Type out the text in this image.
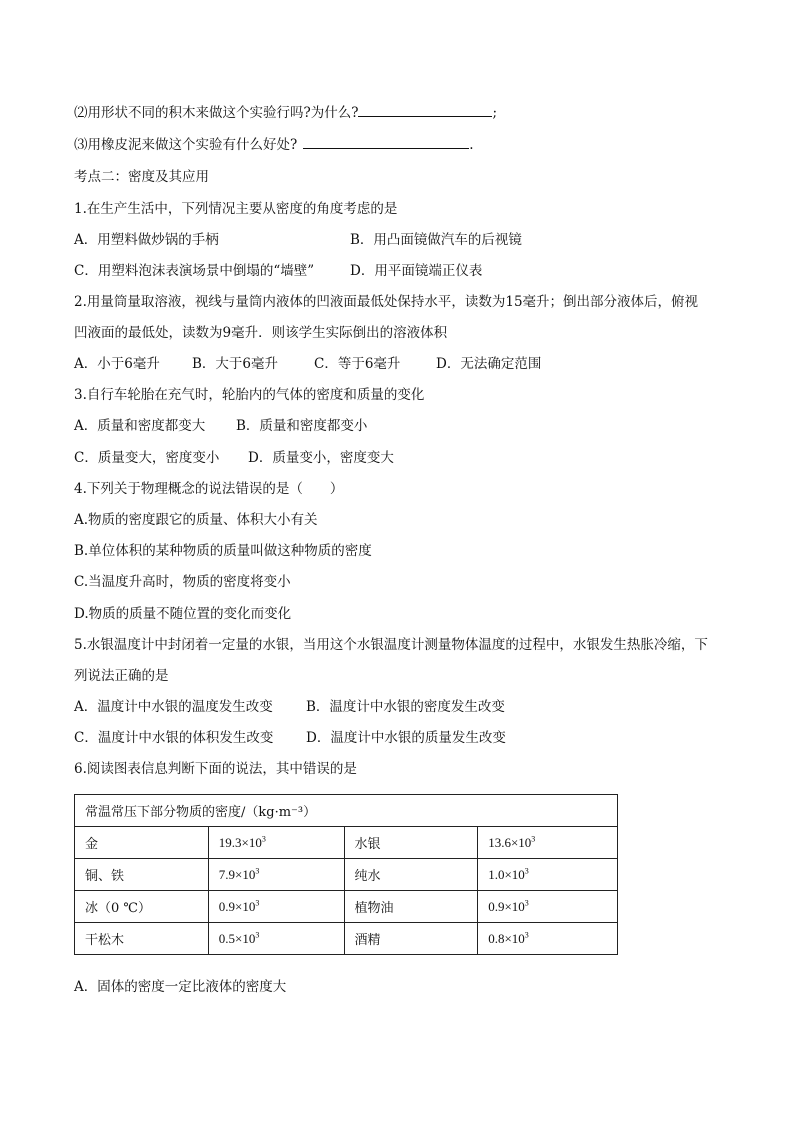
⑵用形状不同的积木来做这个实验行吗?为什么?	;
⑶用橡皮泥来做这个实验有什么好处?	.
考点二：密度及其应用
1.在生产生活中，下列情况主要从密度的角度考虑的是
A．用塑料做炒锅的手柄	B．用凸面镜做汽车的后视镜
C．用塑料泡沫表演场景中倒塌的“墙壁”	D．用平面镜端正仪表
2.用量筒量取溶液，视线与量筒内液体的凹液面最低处保持水平，读数为15毫升；倒出部分液体后，俯视
凹液面的最低处，读数为9毫升．则该学生实际倒出的溶液体积
A．小于6毫升 B．大于6毫升	C．等于6毫升	D．无法确定范围
3.自行车轮胎在充气时，轮胎内的气体的密度和质量的变化
A．质量和密度都变大 B．质量和密度都变小
C．质量变大，密度变小 D．质量变小，密度变大
4.下列关于物理概念的说法错误的是（　　）
A.物质的密度跟它的质量、体积大小有关
B.单位体积的某种物质的质量叫做这种物质的密度
C.当温度升高时，物质的密度将变小
D.物质的质量不随位置的变化而变化
5.水银温度计中封闭着一定量的水银，当用这个水银温度计测量物体温度的过程中，水银发生热胀冷缩，下
列说法正确的是
A．温度计中水银的温度发生改变 B．温度计中水银的密度发生改变
C．温度计中水银的体积发生改变 D．温度计中水银的质量发生改变
6.阅读图表信息判断下面的说法，其中错误的是
常温常压下部分物质的密度/（kg·m⁻³）			
金	$19.3\times 10^3$	水银	$13.6\times 10^3$
铜、铁	$7.9\times 10^3$	纯水	$1.0\times 10^3$
冰（0 ℃）	$0.9\times 10^3$	植物油	$0.9\times 10^3$
干松木	$0.5\times 10^3$	酒精	$0.8\times 10^3$
A．固体的密度一定比液体的密度大
